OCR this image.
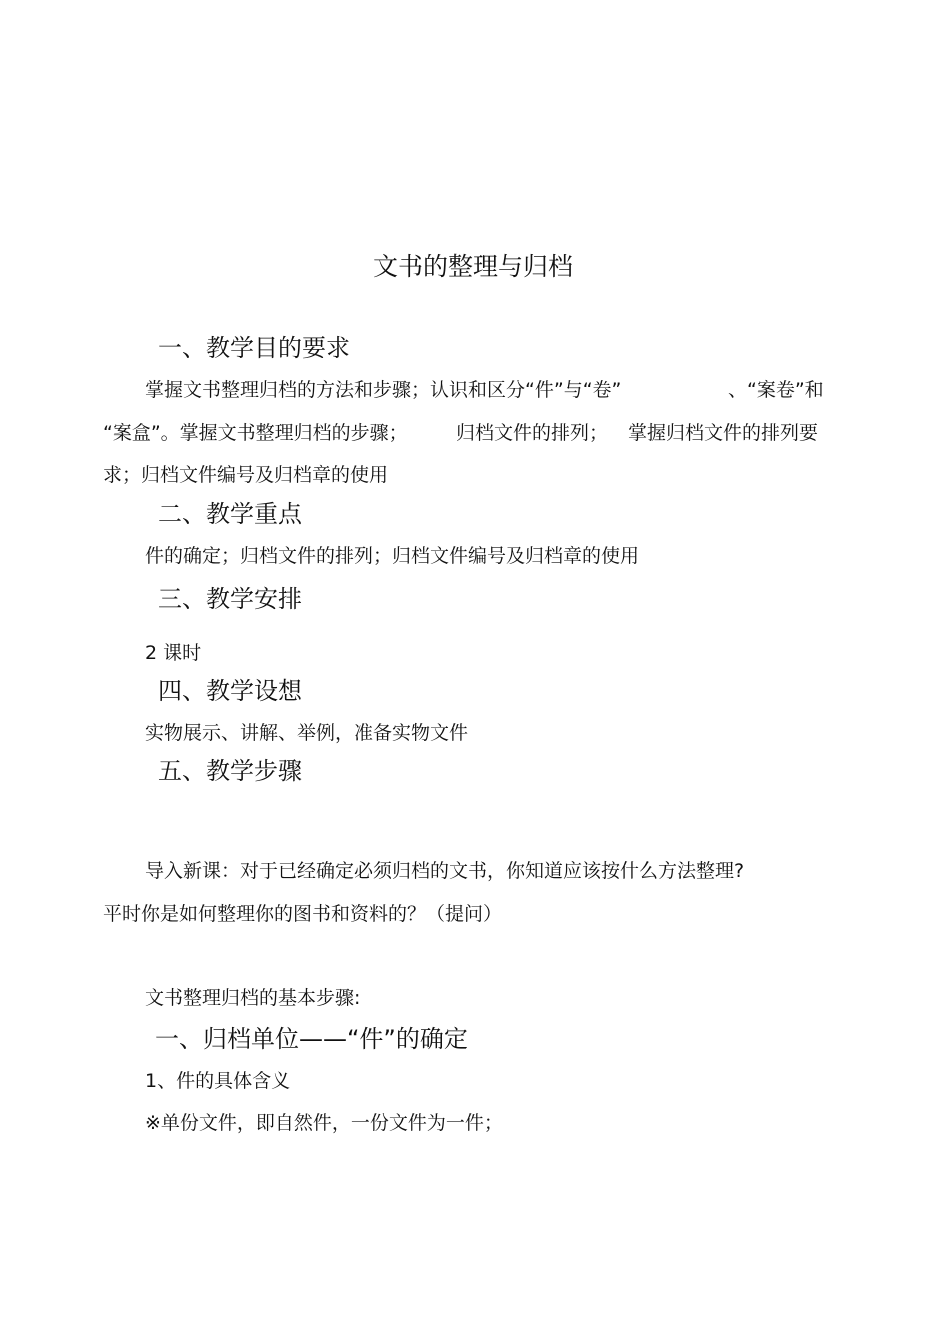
文书的整理与归档
一、教学目的要求
掌握文书整理归档的方法和步骤；认识和区分“件”与“卷”	、“案卷”和
“案盒”。掌握文书整理归档的步骤；	归档文件的排列； 掌握归档文件的排列要
求；归档文件编号及归档章的使用
二、教学重点
件的确定；归档文件的排列；归档文件编号及归档章的使用
三、教学安排
2 课时
四、教学设想
实物展示、讲解、举例，准备实物文件
五、教学步骤
导入新课：对于已经确定必须归档的文书，你知道应该按什么方法整理?
平时你是如何整理你的图书和资料的？（提问）
文书整理归档的基本步骤:
一、归档单位——“件”的确定
1、件的具体含义
※单份文件，即自然件，一份文件为一件；
